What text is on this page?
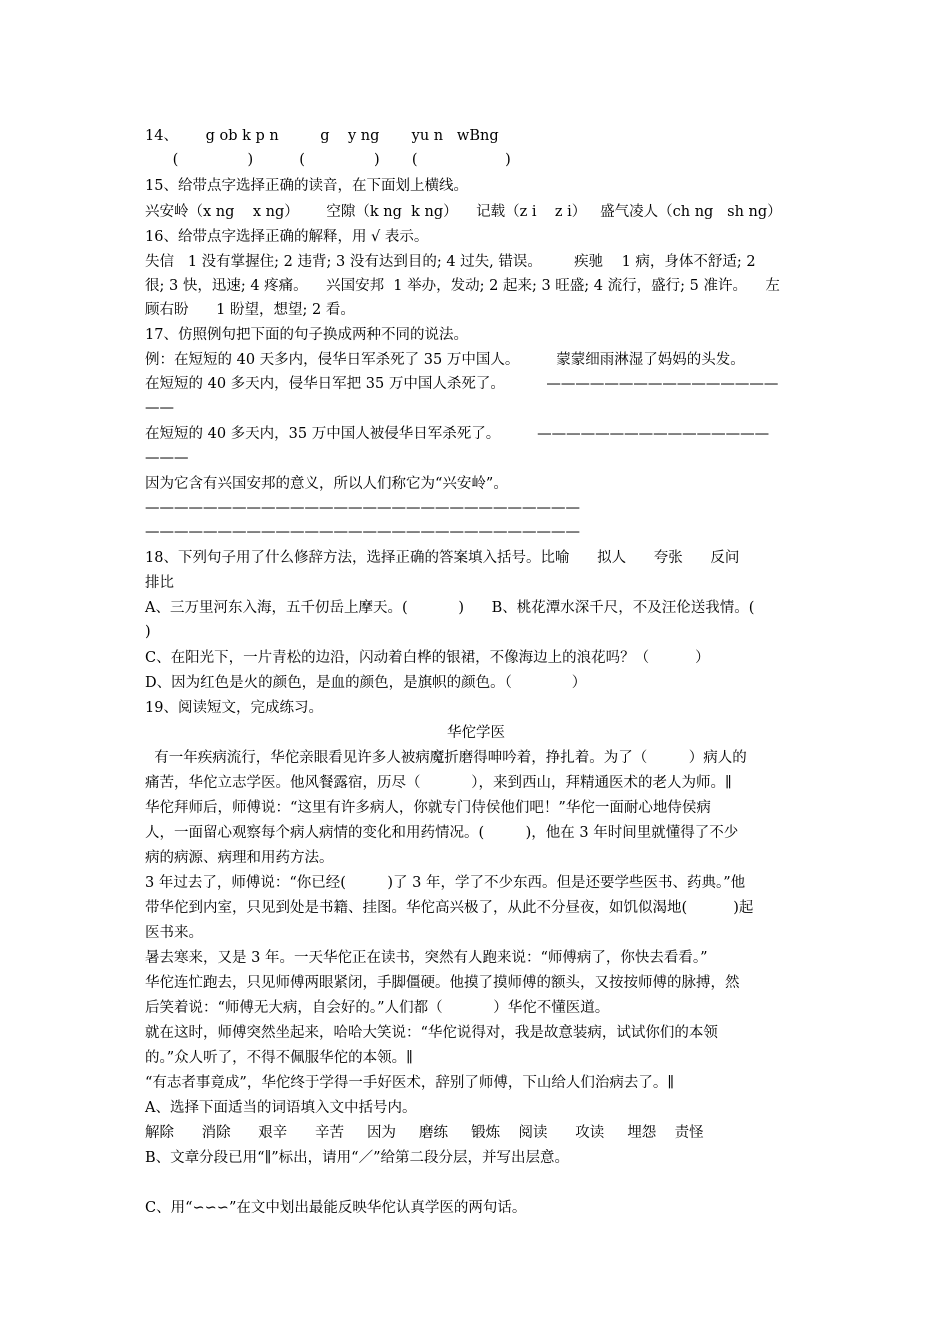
14、      g ob k p n         g    y ng       yu n   wBng
(               )          (               )       (                   )
15、给带点字选择正确的读音，在下面划上横线。
兴安岭（x ng    x ng）      空隙（k ng  k ng）    记载（z i    z i）   盛气凌人（ch ng   sh ng）
16、给带点字选择正确的解释，用 √ 表示。
失信   1 没有掌握住; 2 违背; 3 没有达到目的; 4 过失, 错误。       疾驰    1 病，身体不舒适; 2
很; 3 快，迅速; 4 疼痛。    兴国安邦  1 举办，发动; 2 起来; 3 旺盛; 4 流行，盛行; 5 准许。    左
顾右盼      1 盼望，想望; 2 看。
17、仿照例句把下面的句子换成两种不同的说法。
例：在短短的 40 天多内，侵华日军杀死了 35 万中国人。        蒙蒙细雨淋湿了妈妈的头发。
在短短的 40 多天内，侵华日军把 35 万中国人杀死了。         ————————————————
——
在短短的 40 多天内，35 万中国人被侵华日军杀死了。        ————————————————
———
因为它含有兴国安邦的意义，所以人们称它为“兴安岭”。
——————————————————————————————
——————————————————————————————
18、下列句子用了什么修辞方法，选择正确的答案填入括号。比喻      拟人      夸张      反问
排比
A、三万里河东入海，五千仞岳上摩天。(           )      B、桃花潭水深千尺，不及汪伦送我情。(
)
C、在阳光下，一片青松的边沿，闪动着白桦的银裙，不像海边上的浪花吗？（          ）
D、因为红色是火的颜色，是血的颜色，是旗帜的颜色。（             ）
19、阅读短文，完成练习。
华佗学医
有一年疾病流行，华佗亲眼看见许多人被病魔折磨得呻吟着，挣扎着。为了（         ）病人的
痛苦，华佗立志学医。他风餐露宿，历尽（           ），来到西山，拜精通医术的老人为师。∥
华佗拜师后，师傅说：“这里有许多病人，你就专门侍侯他们吧！”华佗一面耐心地侍侯病
人，一面留心观察每个病人病情的变化和用药情况。(         )，他在 3 年时间里就懂得了不少
病的病源、病理和用药方法。
3 年过去了，师傅说：“你已经(         )了 3 年，学了不少东西。但是还要学些医书、药典。”他
带华佗到内室，只见到处是书籍、挂图。华佗高兴极了，从此不分昼夜，如饥似渴地(          )起
医书来。
暑去寒来，又是 3 年。一天华佗正在读书，突然有人跑来说：“师傅病了，你快去看看。”
华佗连忙跑去，只见师傅两眼紧闭，手脚僵硬。他摸了摸师傅的额头，又按按师傅的脉搏，然
后笑着说：“师傅无大病，自会好的。”人们都（           ）华佗不懂医道。
就在这时，师傅突然坐起来，哈哈大笑说：“华佗说得对，我是故意装病，试试你们的本领
的。”众人听了，不得不佩服华佗的本领。∥
“有志者事竟成”，华佗终于学得一手好医术，辞别了师傅，下山给人们治病去了。∥
A、选择下面适当的词语填入文中括号内。
解除      消除      艰辛      辛苦     因为     磨练     锻炼    阅读      攻读     埋怨    责怪
B、文章分段已用“∥”标出，请用“／”给第二段分层，并写出层意。
C、用“∽∽∽”在文中划出最能反映华佗认真学医的两句话。
